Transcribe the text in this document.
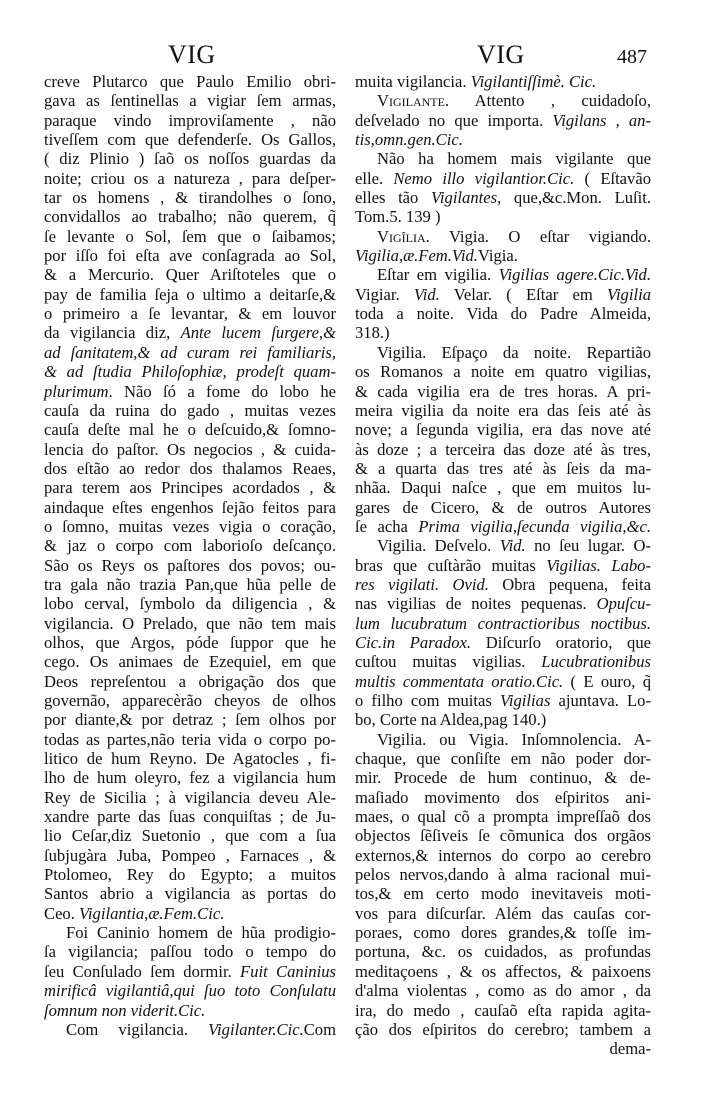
VIG	VIG	487
creve Plutarco que Paulo Emilio obri-
gava as ſentinellas a vigiar ſem armas,
paraque vindo improviſamente , não
tiveſſem com que defenderſe. Os Gallos,
( diz Plinio ) ſaõ os noſſos guardas da
noite; criou os a natureza , para deſper-
tar os homens , & tirandolhes o ſono,
convidallos ao trabalho; não querem, q̃
ſe levante o Sol, ſem que o ſaibamos;
por iſſo foi eſta ave conſagrada ao Sol,
& a Mercurio. Quer Ariſtoteles que o
pay de familia ſeja o ultimo a deitarſe,&
o primeiro a ſe levantar, & em louvor
da vigilancia diz, Ante lucem ſurgere,&
ad ſanitatem,& ad curam rei familiaris,
& ad ſtudia Philoſophiæ, prodeſt quam-
plurimum. Não ſó a fome do lobo he
cauſa da ruina do gado , muitas vezes
cauſa deſte mal he o deſcuido,& ſomno-
lencia do paſtor. Os negocios , & cuida-
dos eſtão ao redor dos thalamos Reaes,
para terem aos Principes acordados , &
aindaque eſtes engenhos ſejão feitos para
o ſomno, muitas vezes vigia o coração,
& jaz o corpo com laborioſo deſcanço.
São os Reys os paſtores dos povos; ou-
tra gala não trazia Pan,que hũa pelle de
lobo cerval, ſymbolo da diligencia , &
vigilancia. O Prelado, que não tem mais
olhos, que Argos, póde ſuppor que he
cego. Os animaes de Ezequiel, em que
Deos repreſentou a obrigação dos que
governão, apparecèrão cheyos de olhos
por diante,& por detraz ; ſem olhos por
todas as partes,não teria vida o corpo po-
litico de hum Reyno. De Agatocles , fi-
lho de hum oleyro, fez a vigilancia hum
Rey de Sicilia ; à vigilancia deveu Ale-
xandre parte das ſuas conquiſtas ; de Ju-
lio Ceſar,diz Suetonio , que com a ſua
ſubjugàra Juba, Pompeo , Farnaces , &
Ptolomeo, Rey do Egypto; a muitos
Santos abrio a vigilancia as portas do
Ceo. Vigilantia,æ.Fem.Cic.
Foi Caninio homem de hũa prodigio-
ſa vigilancia; paſſou todo o tempo do
ſeu Conſulado ſem dormir. Fuit Caninius
mirificâ vigilantiâ,qui ſuo toto Conſulatu
ſomnum non viderit.Cic.
Com vigilancia. Vigilanter.Cic.Com
muita vigilancia. Vigilantiſſimè. Cic.
Vigilante. Attento , cuidadoſo,
deſvelado no que importa. Vigilans , an-
tis,omn.gen.Cic.
Não ha homem mais vigilante que
elle. Nemo illo vigilantior.Cic. ( Eſtavão
elles tão Vigilantes, que,&c.Mon. Luſit.
Tom.5. 139 )
Vigîlia. Vigia. O eſtar vigiando.
Vigilia,æ.Fem.Vid.Vigia.
Eſtar em vigilia. Vigilias agere.Cic.Vid.
Vigiar. Vid. Velar. ( Eſtar em Vigilia
toda a noite. Vida do Padre Almeida,
318.)
Vigilia. Eſpaço da noite. Repartião
os Romanos a noite em quatro vigilias,
& cada vigilia era de tres horas. A pri-
meira vigilia da noite era das ſeis até às
nove; a ſegunda vigilia, era das nove até
às doze ; a terceira das doze até às tres,
& a quarta das tres até às ſeis da ma-
nhãa. Daqui naſce , que em muitos lu-
gares de Cicero, & de outros Autores
ſe acha Prima vigilia,ſecunda vigilia,&c.
Vigilia. Deſvelo. Vid. no ſeu lugar. O-
bras que cuſtàrão muitas Vigilias. Labo-
res vigilati. Ovid. Obra pequena, feita
nas vigilias de noites pequenas. Opuſcu-
lum lucubratum contractioribus noctibus.
Cic.in Paradox. Diſcurſo oratorio, que
cuſtou muitas vigilias. Lucubrationibus
multis commentata oratio.Cic. ( E ouro, q̃
o filho com muitas Vigilias ajuntava. Lo-
bo, Corte na Aldea,pag 140.)
Vigilia. ou Vigia. Inſomnolencia. A-
chaque, que conſiſte em não poder dor-
mir. Procede de hum continuo, & de-
maſiado movimento dos eſpiritos ani-
maes, o qual cõ a prompta impreſſaõ dos
objectos ſẽſiveis ſe cõmunica dos orgãos
externos,& internos do corpo ao cerebro
pelos nervos,dando à alma racional mui-
tos,& em certo modo inevitaveis moti-
vos para diſcurſar. Além das cauſas cor-
poraes, como dores grandes,& toſſe im-
portuna, &c. os cuidados, as profundas
meditaçoens , & os affectos, & paixoens
d'alma violentas , como as do amor , da
ira, do medo , cauſaõ eſta rapida agita-
ção dos eſpiritos do cerebro; tambem a
dema-
